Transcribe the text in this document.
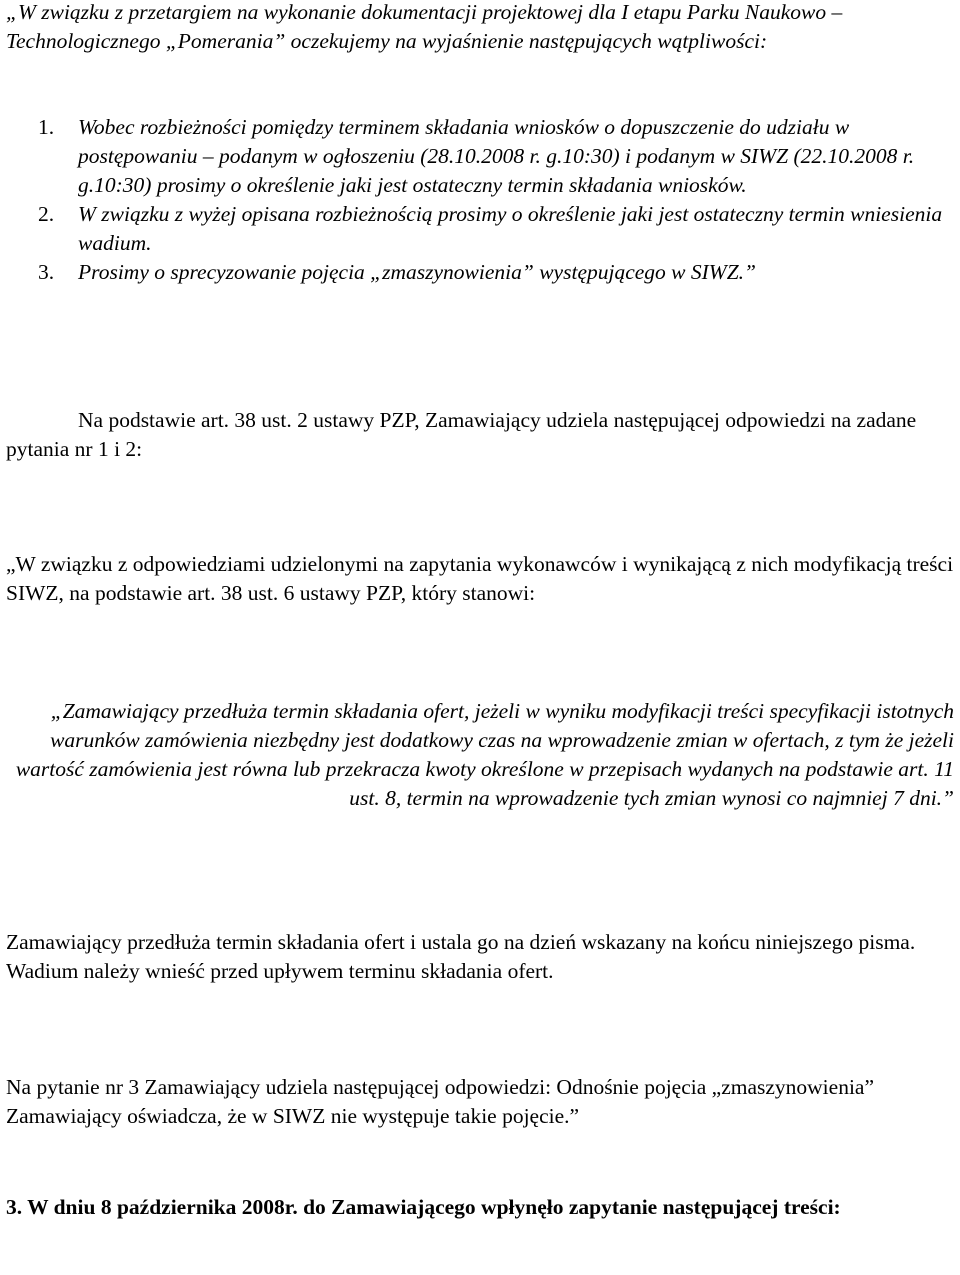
„W związku z przetargiem na wykonanie dokumentacji projektowej dla I etapu Parku Naukowo – Technologicznego „Pomerania” oczekujemy na wyjaśnienie następujących wątpliwości:

1. Wobec rozbieżności pomiędzy terminem składania wniosków o dopuszczenie do udziału w postępowaniu – podanym w ogłoszeniu (28.10.2008 r. g.10:30) i podanym w SIWZ (22.10.2008 r. g.10:30) prosimy o określenie jaki jest ostateczny termin składania wniosków.
2. W związku z wyżej opisana rozbieżnością prosimy o określenie jaki jest ostateczny termin wniesienia wadium.
3. Prosimy o sprecyzowanie pojęcia „zmaszynowienia” występującego w SIWZ.”

Na podstawie art. 38 ust. 2 ustawy PZP, Zamawiający udziela następującej odpowiedzi na zadane pytania nr 1 i 2:

„W związku z odpowiedziami udzielonymi na zapytania wykonawców i wynikającą z nich modyfikacją treści SIWZ, na podstawie art. 38 ust. 6 ustawy PZP, który stanowi:

„Zamawiający przedłuża termin składania ofert, jeżeli w wyniku modyfikacji treści specyfikacji istotnych warunków zamówienia niezbędny jest dodatkowy czas na wprowadzenie zmian w ofertach, z tym że jeżeli wartość zamówienia jest równa lub przekracza kwoty określone w przepisach wydanych na podstawie art. 11 ust. 8, termin na wprowadzenie tych zmian wynosi co najmniej 7 dni.”

Zamawiający przedłuża termin składania ofert i ustala go na dzień wskazany na końcu niniejszego pisma. Wadium należy wnieść przed upływem terminu składania ofert.

Na pytanie nr 3 Zamawiający udziela następującej odpowiedzi: Odnośnie pojęcia „zmaszynowienia” Zamawiający oświadcza, że w SIWZ nie występuje takie pojęcie.”

3. W dniu 8 października 2008r. do Zamawiającego wpłynęło zapytanie następującej treści:
